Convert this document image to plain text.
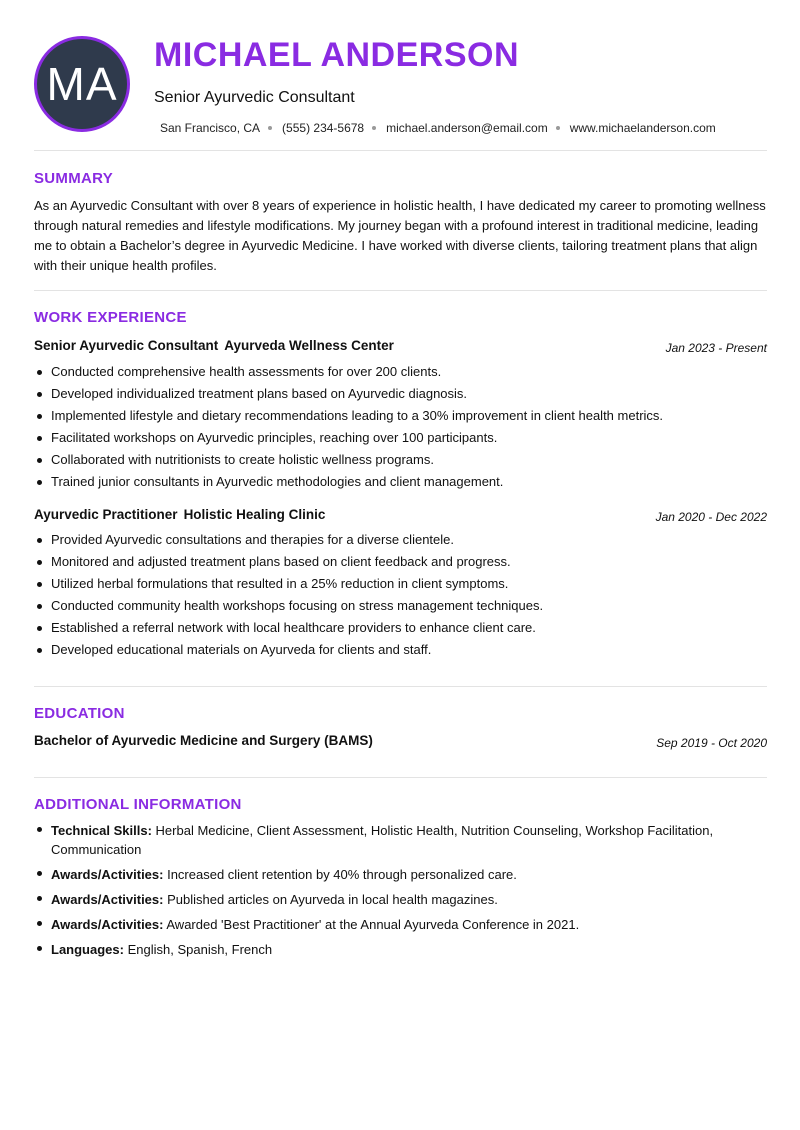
MA
MICHAEL ANDERSON
Senior Ayurvedic Consultant
San Francisco, CA (555) 234-5678 michael.anderson@email.com www.michaelanderson.com
SUMMARY

As an Ayurvedic Consultant with over 8 years of experience in holistic health, I have dedicated my career to promoting wellness through natural remedies and lifestyle modifications. My journey began with a profound interest in traditional medicine, leading me to obtain a Bachelor’s degree in Ayurvedic Medicine. I have worked with diverse clients, tailoring treatment plans that align with their unique health profiles.

WORK EXPERIENCE
Senior Ayurvedic Consultant Ayurveda Wellness Center	Jan 2023 - Present
Conducted comprehensive health assessments for over 200 clients.
Developed individualized treatment plans based on Ayurvedic diagnosis.
Implemented lifestyle and dietary recommendations leading to a 30% improvement in client health metrics.
Facilitated workshops on Ayurvedic principles, reaching over 100 participants.
Collaborated with nutritionists to create holistic wellness programs.
Trained junior consultants in Ayurvedic methodologies and client management.
Ayurvedic Practitioner Holistic Healing Clinic	Jan 2020 - Dec 2022
Provided Ayurvedic consultations and therapies for a diverse clientele.
Monitored and adjusted treatment plans based on client feedback and progress.
Utilized herbal formulations that resulted in a 25% reduction in client symptoms.
Conducted community health workshops focusing on stress management techniques.
Established a referral network with local healthcare providers to enhance client care.
Developed educational materials on Ayurveda for clients and staff.
EDUCATION
Bachelor of Ayurvedic Medicine and Surgery (BAMS)	Sep 2019 - Oct 2020
ADDITIONAL INFORMATION
Technical Skills: Herbal Medicine, Client Assessment, Holistic Health, Nutrition Counseling, Workshop Facilitation, Communication
Awards/Activities: Increased client retention by 40% through personalized care.
Awards/Activities: Published articles on Ayurveda in local health magazines.
Awards/Activities: Awarded 'Best Practitioner' at the Annual Ayurveda Conference in 2021.
Languages: English, Spanish, French
